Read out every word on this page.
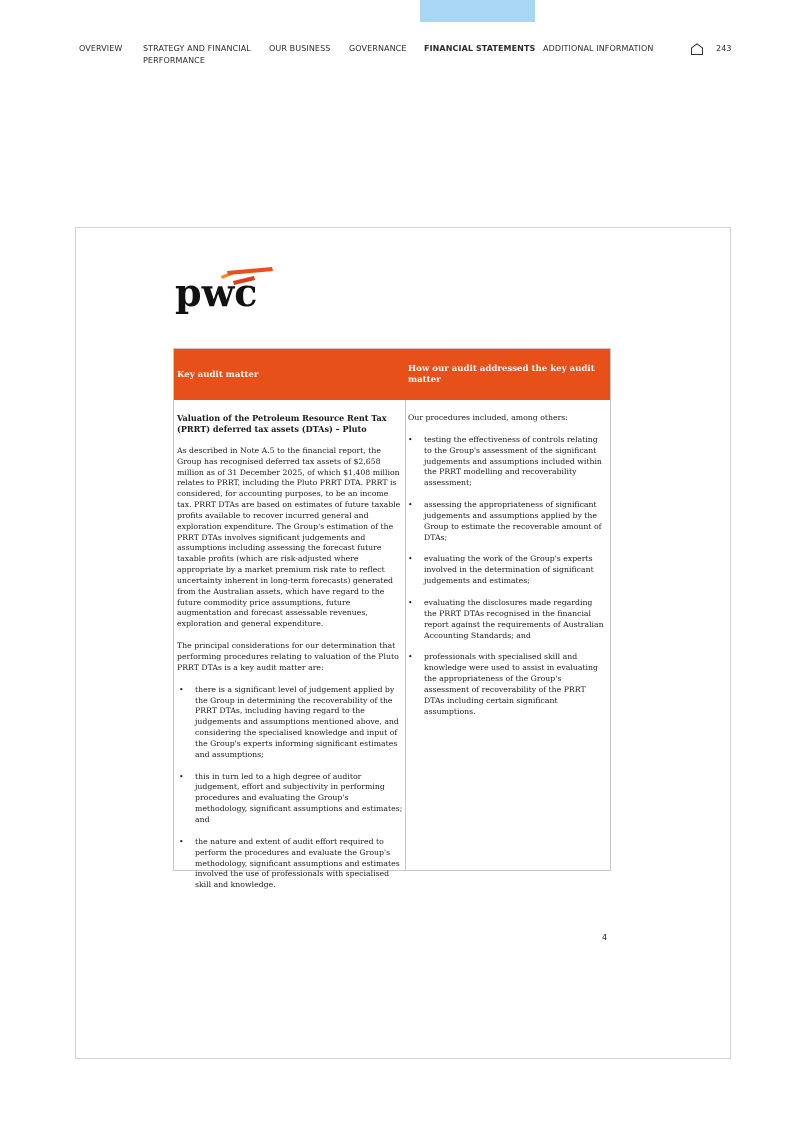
OVERVIEW	STRATEGY AND FINANCIAL PERFORMANCE
OUR BUSINESS GOVERNANCE FINANCIAL STATEMENTS ADDITIONAL INFORMATION	243
pwc
Key audit matter
How our audit addressed the key audit matter

Valuation of the Petroleum Resource Rent Tax (PRRT) deferred tax assets (DTAs) – Pluto

As described in Note A.5 to the financial report, the Group has recognised deferred tax assets of $2,658 million as of 31 December 2025, of which $1,408 million relates to PRRT, including the Pluto PRRT DTA. PRRT is considered, for accounting purposes, to be an income tax. PRRT DTAs are based on estimates of future taxable profits available to recover incurred general and exploration expenditure. The Group's estimation of the PRRT DTAs involves significant judgements and assumptions including assessing the forecast future taxable profits (which are risk-adjusted where appropriate by a market premium risk rate to reflect uncertainty inherent in long-term forecasts) generated from the Australian assets, which have regard to the future commodity price assumptions, future augmentation and forecast assessable revenues, exploration and general expenditure.

The principal considerations for our determination that performing procedures relating to valuation of the Pluto PRRT DTAs is a key audit matter are:

• there is a significant level of judgement applied by the Group in determining the recoverability of the PRRT DTAs, including having regard to the judgements and assumptions mentioned above, and considering the specialised knowledge and input of the Group's experts informing significant estimates and assumptions;
• this in turn led to a high degree of auditor judgement, effort and subjectivity in performing procedures and evaluating the Group's methodology, significant assumptions and estimates; and
• the nature and extent of audit effort required to perform the procedures and evaluate the Group's methodology, significant assumptions and estimates involved the use of professionals with specialised skill and knowledge.

Our procedures included, among others:

• testing the effectiveness of controls relating to the Group's assessment of the significant judgements and assumptions included within the PRRT modelling and recoverability assessment;
• assessing the appropriateness of significant judgements and assumptions applied by the Group to estimate the recoverable amount of DTAs;
• evaluating the work of the Group's experts involved in the determination of significant judgements and estimates;
• evaluating the disclosures made regarding the PRRT DTAs recognised in the financial report against the requirements of Australian Accounting Standards; and
• professionals with specialised skill and knowledge were used to assist in evaluating the appropriateness of the Group's assessment of recoverability of the PRRT DTAs including certain significant assumptions.
4
